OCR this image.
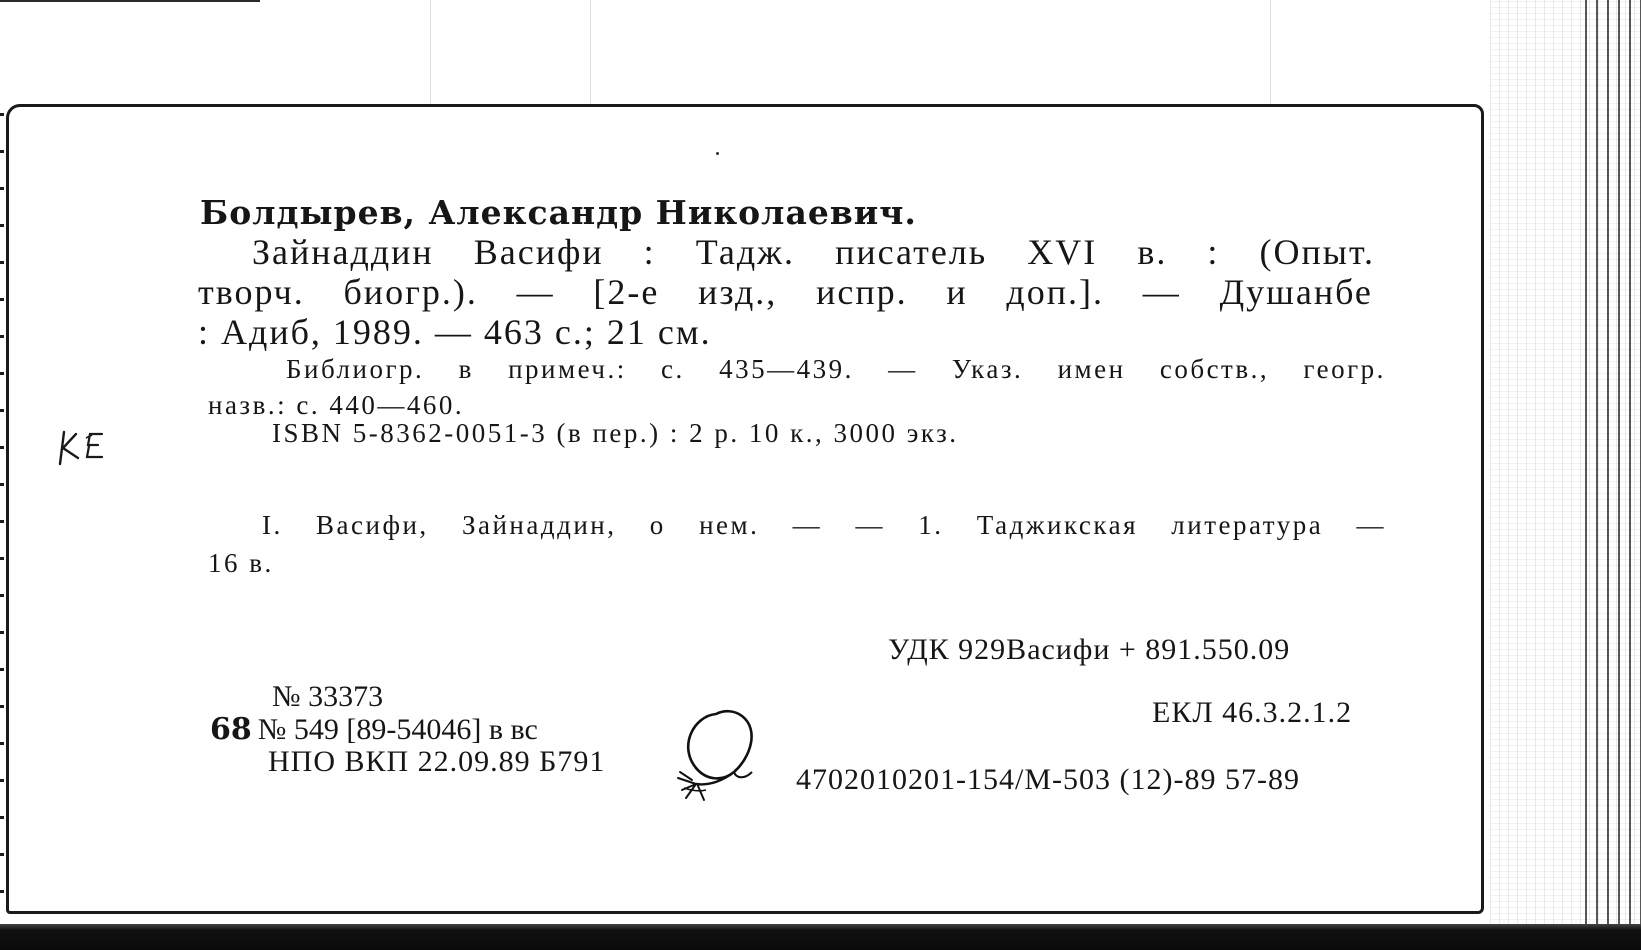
Болдырев, Александр Николаевич.
Зайнаддин Васифи : Тадж. писатель XVI в. : (Опыт.
творч. биогр.). — [2-е изд., испр. и доп.]. — Душанбе
: Адиб, 1989. — 463 с.; 21 см.
Библиогр. в примеч.: с. 435—439. — Указ. имен собств., геогр.
назв.: с. 440—460.
ISBN 5-8362-0051-3 (в пер.) : 2 р. 10 к., 3000 экз.
I. Васифи, Зайнаддин, о нем. — — 1. Таджикская литература —
16 в.
УДК 929Васифи + 891.550.09
ЕКЛ 46.3.2.1.2
4702010201-154/М-503 (12)-89 57-89
№ 33373
68 № 549 [89-54046] в вс
НПО ВКП 22.09.89 Б791
